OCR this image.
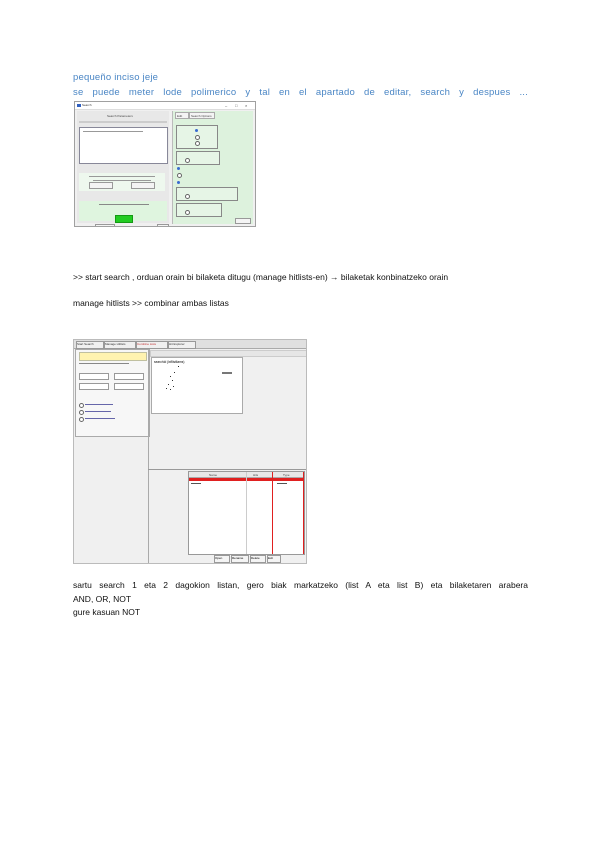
pequeño inciso jeje
se puede meter lode polimerico y tal en el apartado de editar, search y despues ...
Search	– □ ×
Search Parameters	Edit	Search Options
>> start search , orduan orain bi bilaketa ditugu (manage hitlists-en) → bilaketak konbinatzeko orain
manage hitlists >> combinar ambas listas
Start Search	Manage Hitlists	Combine Lists	Hit Explorer
searchId (lxfllistliams)
Name	Hits	Type
Open	Rename	Delete	Exit
sartu search 1 eta 2 dagokion listan, gero biak markatzeko (list A eta list B) eta bilaketaren arabera
AND, OR, NOT
gure kasuan NOT
